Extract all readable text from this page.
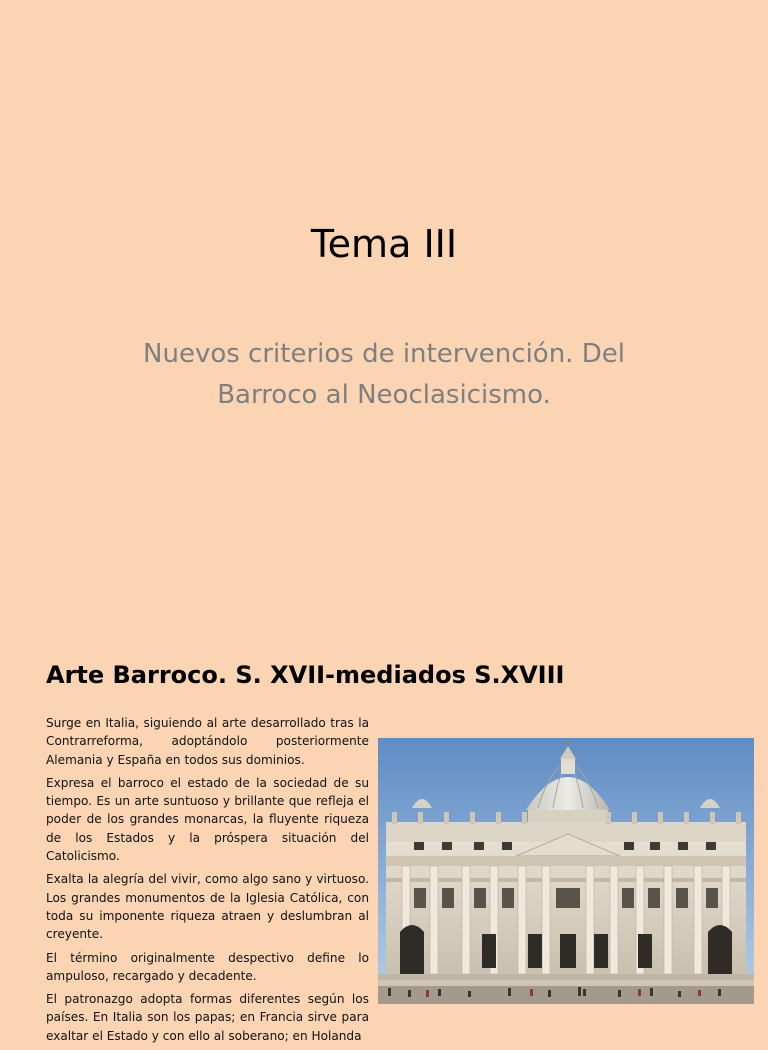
Tema III
Nuevos criterios de intervención. Del
Barroco al Neoclasicismo.
Arte Barroco. S. XVII-mediados S.XVIII

Surge en Italia, siguiendo al arte desarrollado tras la Contrarreforma, adoptándolo posteriormente Alemania y España en todos sus dominios.

Expresa el barroco el estado de la sociedad de su tiempo. Es un arte suntuoso y brillante que refleja el poder de los grandes monarcas, la fluyente riqueza de los Estados y la próspera situación del Catolicismo.

Exalta la alegría del vivir, como algo sano y virtuoso. Los grandes monumentos de la Iglesia Católica, con toda su imponente riqueza atraen y deslumbran al creyente.

El término originalmente despectivo define lo ampuloso, recargado y decadente.

El patronazgo adopta formas diferentes según los países. En Italia son los papas; en Francia sirve para exaltar el Estado y con ello al soberano; en Holanda
